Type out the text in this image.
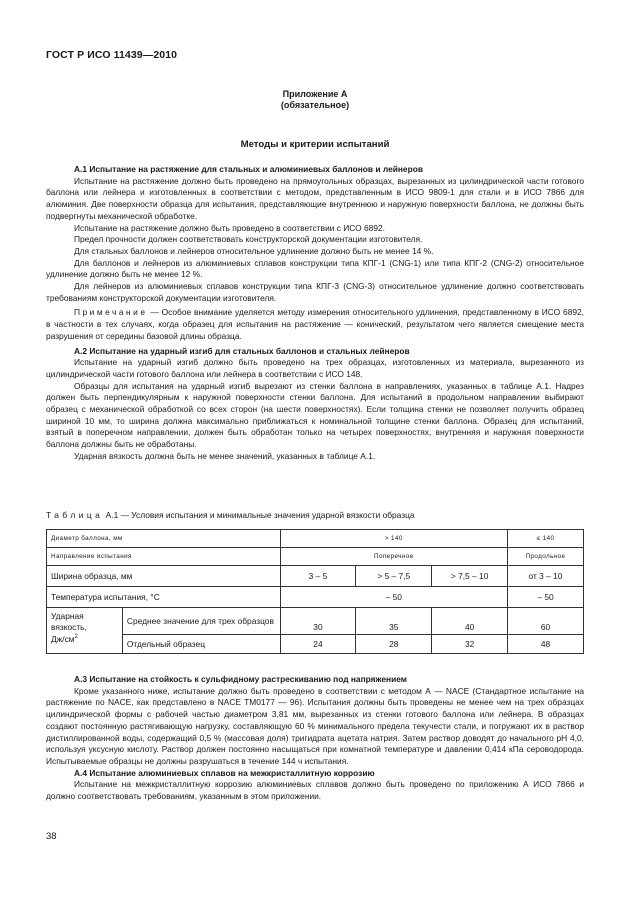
ГОСТ Р ИСО 11439—2010
Приложение А
(обязательное)
Методы и критерии испытаний

А.1 Испытание на растяжение для стальных и алюминиевых баллонов и лейнеров

Испытание на растяжение должно быть проведено на прямоугольных образцах, вырезанных из цилиндрической части готового баллона или лейнера и изготовленных в соответствии с методом, представленным в ИСО 9809-1 для стали и в ИСО 7866 для алюминия. Две поверхности образца для испытания, представляющие внутреннюю и наружную поверхности баллона, не должны быть подвергнуты механической обработке.

Испытание на растяжение должно быть проведено в соответствии с ИСО 6892.

Предел прочности должен соответствовать конструкторской документации изготовителя.

Для стальных баллонов и лейнеров относительное удлинение должно быть не менее 14 %.

Для баллонов и лейнеров из алюминиевых сплавов конструкции типа КПГ-1 (CNG-1) или типа КПГ-2 (CNG-2) относительное удлинение должно быть не менее 12 %.

Для лейнеров из алюминиевых сплавов конструкции типа КПГ-3 (CNG-3) относительное удлинение должно соответствовать требованиям конструкторской документации изготовителя.

Примечание — Особое внимание уделяется методу измерения относительного удлинения, представленному в ИСО 6892, в частности в тех случаях, когда образец для испытания на растяжение — конический, результатом чего является смещение места разрушения от середины базовой длины образца.

А.2 Испытание на ударный изгиб для стальных баллонов и стальных лейнеров

Испытание на ударный изгиб должно быть проведено на трех образцах, изготовленных из материала, вырезанного из цилиндрической части готового баллона или лейнера в соответствии с ИСО 148.

Образцы для испытания на ударный изгиб вырезают из стенки баллона в направлениях, указанных в таблице А.1. Надрез должен быть перпендикулярным к наружной поверхности стенки баллона. Для испытаний в продольном направлении выбирают образец с механической обработкой со всех сторон (на шести поверхностях). Если толщина стенки не позволяет получить образец шириной 10 мм, то ширина должна максимально приближаться к номинальной толщине стенки баллона. Образец для испытаний, взятый в поперечном направлении, должен быть обработан только на четырех поверхностях, внутренняя и наружная поверхности баллона должны быть не обработаны.

Ударная вязкость должна быть не менее значений, указанных в таблице А.1.

Таблица А.1 — Условия испытания и минимальные значения ударной вязкости образца
Диаметр баллона, мм		> 140			≤ 140
Направление испытания		Поперечное			Продольное
Ширина образца, мм		3 – 5	> 5 – 7,5	> 7,5 – 10	от 3 – 10
Температура испытания, °C		– 50			– 50
Ударная
вязкость,
$Дж/см^2$	Среднее значение для трех образцов	30	35	40	60
	Отдельный образец	24	28	32	48

А.3 Испытание на стойкость к сульфидному растрескиванию под напряжением

Кроме указанного ниже, испытание должно быть проведено в соответствии с методом А — NACE (Стандартное испытание на растяжение по NACE, как представлено в NACE TM0177 — 96). Испытания должны быть проведены не менее чем на трех образцах цилиндрической формы с рабочей частью диаметром 3,81 мм, вырезанных из стенки готового баллона или лейнера. В образцах создают постоянную растягивающую нагрузку, составляющую 60 % минимального предела текучести стали, и погружают их в раствор дистиллированной воды, содержащий 0,5 % (массовая доля) тригидрата ацетата натрия. Затем раствор доводят до начального pH 4,0, используя уксусную кислоту. Раствор должен постоянно насыщаться при комнатной температуре и давлении 0,414 кПа сероводорода. Испытываемые образцы не должны разрушаться в течение 144 ч испытания.

А.4 Испытание алюминиевых сплавов на межкристаллитную коррозию

Испытание на межкристаллитную коррозию алюминиевых сплавов должно быть проведено по приложению А ИСО 7866 и должно соответствовать требованиям, указанным в этом приложении.

38
